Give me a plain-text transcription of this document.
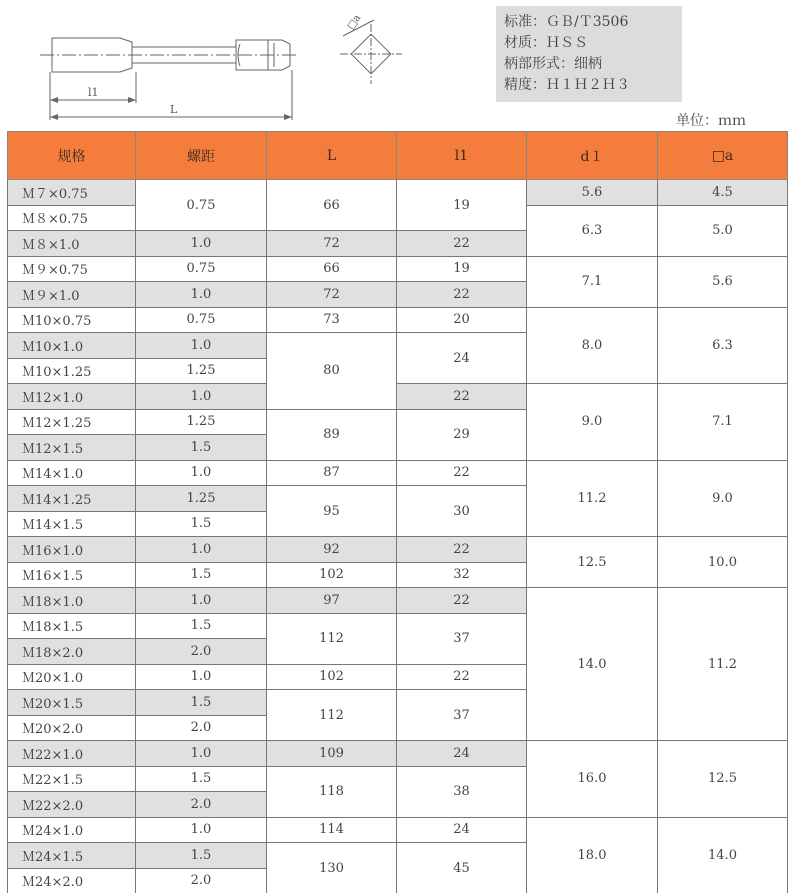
l1
L
□a	标准：ＧＢ/Ｔ3506
材质：ＨＳＳ
柄部形式：细柄
精度：Ｈ１Ｈ２Ｈ３
单位：ｍｍ
规格	螺距	L	l1	d１	□a
Ｍ７×0.75	0.75	66	19	5.6	4.5
Ｍ８×0.75				6.3	5.0
Ｍ８×1.0	1.0	72	22		
Ｍ９×0.75	0.75	66	19	7.1	5.6
Ｍ９×1.0	1.0	72	22		
Ｍ10×0.75	0.75	73	20	8.0	6.3
Ｍ10×1.0	1.0	80	24		
Ｍ10×1.25	1.25				
Ｍ12×1.0	1.0		22	9.0	7.1
Ｍ12×1.25	1.25	89	29		
Ｍ12×1.5	1.5				
Ｍ14×1.0	1.0	87	22	11.2	9.0
Ｍ14×1.25	1.25	95	30		
Ｍ14×1.5	1.5				
Ｍ16×1.0	1.0	92	22	12.5	10.0
Ｍ16×1.5	1.5	102	32		
Ｍ18×1.0	1.0	97	22	14.0	11.2
Ｍ18×1.5	1.5	112	37		
Ｍ18×2.0	2.0				
Ｍ20×1.0	1.0	102	22		
Ｍ20×1.5	1.5	112	37		
Ｍ20×2.0	2.0				
Ｍ22×1.0	1.0	109	24	16.0	12.5
Ｍ22×1.5	1.5	118	38		
Ｍ22×2.0	2.0				
Ｍ24×1.0	1.0	114	24	18.0	14.0
Ｍ24×1.5	1.5	130	45		
Ｍ24×2.0	2.0				
